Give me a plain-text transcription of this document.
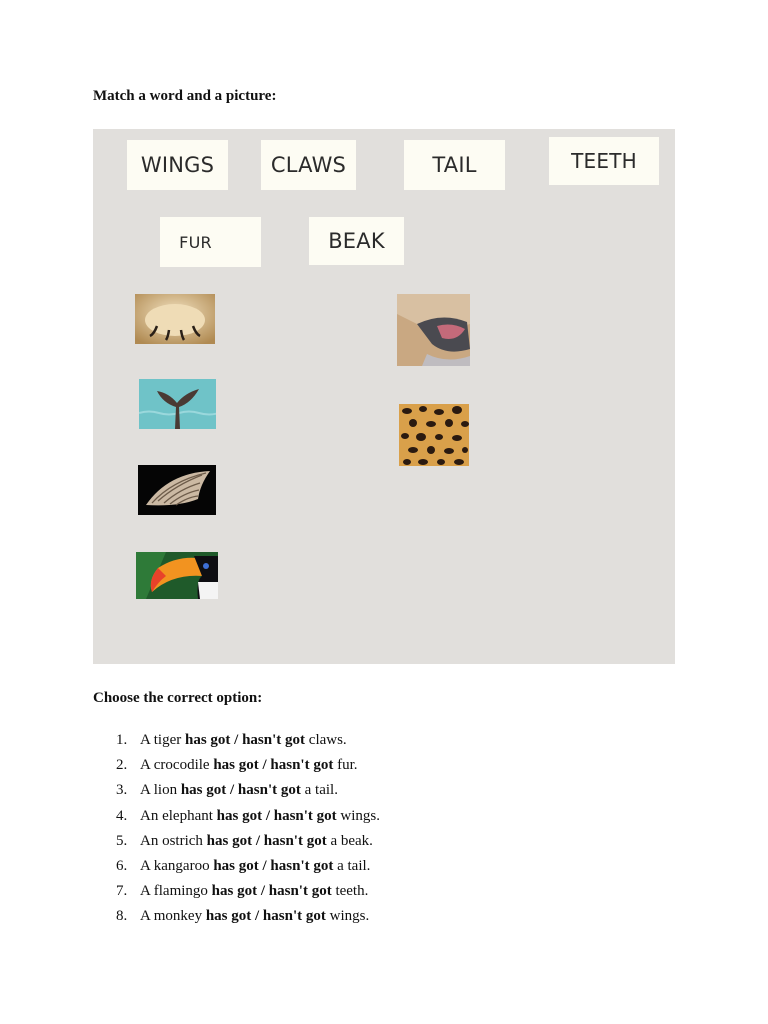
Match a word and a picture:

WINGS	CLAWS	TAIL	TEETH
FUR	BEAK

Choose the correct option:

1. A tiger has got / hasn't got claws.
2. A crocodile has got / hasn't got fur.
3. A lion has got / hasn't got a tail.
4. An elephant has got / hasn't got wings.
5. An ostrich has got / hasn't got a beak.
6. A kangaroo has got / hasn't got a tail.
7. A flamingo has got / hasn't got teeth.
8. A monkey has got / hasn't got wings.
